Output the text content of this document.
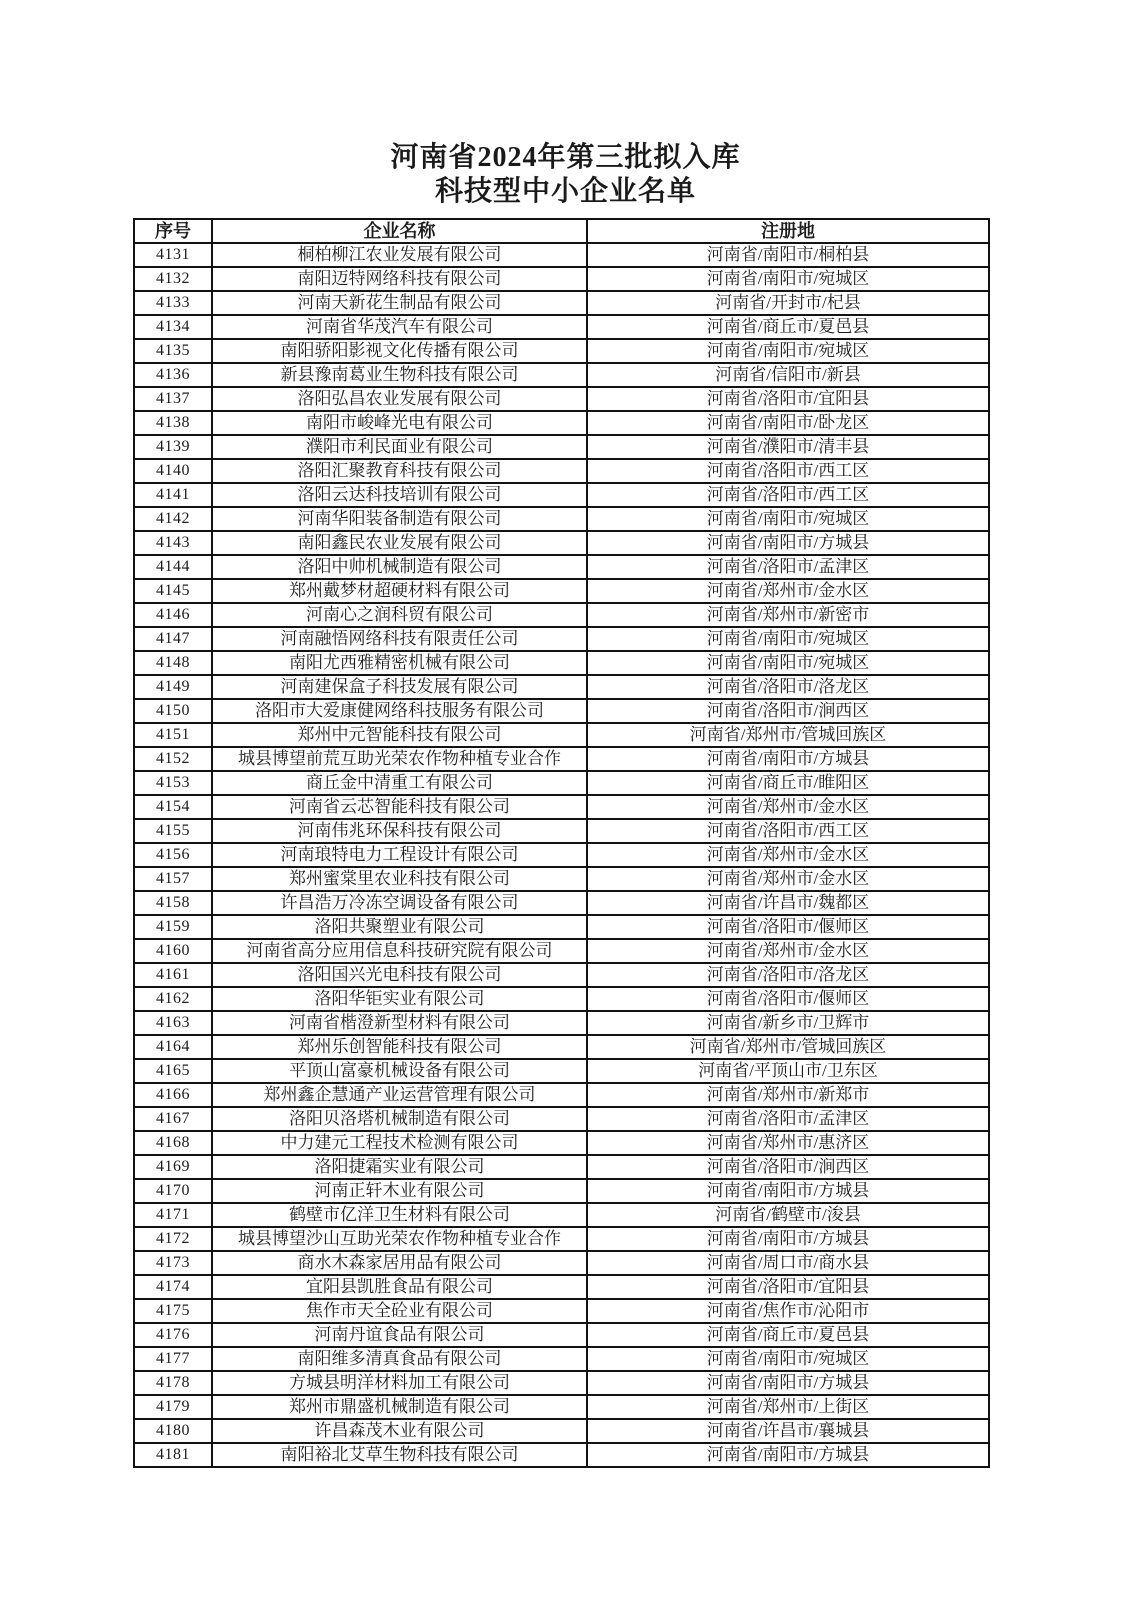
河南省2024年第三批拟入库
科技型中小企业名单
序号	企业名称	注册地
4131	桐柏柳江农业发展有限公司	河南省/南阳市/桐柏县
4132	南阳迈特网络科技有限公司	河南省/南阳市/宛城区
4133	河南天新花生制品有限公司	河南省/开封市/杞县
4134	河南省华茂汽车有限公司	河南省/商丘市/夏邑县
4135	南阳骄阳影视文化传播有限公司	河南省/南阳市/宛城区
4136	新县豫南葛业生物科技有限公司	河南省/信阳市/新县
4137	洛阳弘昌农业发展有限公司	河南省/洛阳市/宜阳县
4138	南阳市峻峰光电有限公司	河南省/南阳市/卧龙区
4139	濮阳市利民面业有限公司	河南省/濮阳市/清丰县
4140	洛阳汇聚教育科技有限公司	河南省/洛阳市/西工区
4141	洛阳云达科技培训有限公司	河南省/洛阳市/西工区
4142	河南华阳装备制造有限公司	河南省/南阳市/宛城区
4143	南阳鑫民农业发展有限公司	河南省/南阳市/方城县
4144	洛阳中帅机械制造有限公司	河南省/洛阳市/孟津区
4145	郑州戴梦材超硬材料有限公司	河南省/郑州市/金水区
4146	河南心之润科贸有限公司	河南省/郑州市/新密市
4147	河南融悟网络科技有限责任公司	河南省/南阳市/宛城区
4148	南阳尤西雅精密机械有限公司	河南省/南阳市/宛城区
4149	河南建保盒子科技发展有限公司	河南省/洛阳市/洛龙区
4150	洛阳市大爱康健网络科技服务有限公司	河南省/洛阳市/涧西区
4151	郑州中元智能科技有限公司	河南省/郑州市/管城回族区
4152	城县博望前荒互助光荣农作物种植专业合作	河南省/南阳市/方城县
4153	商丘金中清重工有限公司	河南省/商丘市/睢阳区
4154	河南省云芯智能科技有限公司	河南省/郑州市/金水区
4155	河南伟兆环保科技有限公司	河南省/洛阳市/西工区
4156	河南琅特电力工程设计有限公司	河南省/郑州市/金水区
4157	郑州蜜棠里农业科技有限公司	河南省/郑州市/金水区
4158	许昌浩万冷冻空调设备有限公司	河南省/许昌市/魏都区
4159	洛阳共聚塑业有限公司	河南省/洛阳市/偃师区
4160	河南省高分应用信息科技研究院有限公司	河南省/郑州市/金水区
4161	洛阳国兴光电科技有限公司	河南省/洛阳市/洛龙区
4162	洛阳华钜实业有限公司	河南省/洛阳市/偃师区
4163	河南省楷澄新型材料有限公司	河南省/新乡市/卫辉市
4164	郑州乐创智能科技有限公司	河南省/郑州市/管城回族区
4165	平顶山富豪机械设备有限公司	河南省/平顶山市/卫东区
4166	郑州鑫企慧通产业运营管理有限公司	河南省/郑州市/新郑市
4167	洛阳贝洛塔机械制造有限公司	河南省/洛阳市/孟津区
4168	中力建元工程技术检测有限公司	河南省/郑州市/惠济区
4169	洛阳捷霜实业有限公司	河南省/洛阳市/涧西区
4170	河南正轩木业有限公司	河南省/南阳市/方城县
4171	鹤壁市亿洋卫生材料有限公司	河南省/鹤壁市/浚县
4172	城县博望沙山互助光荣农作物种植专业合作	河南省/南阳市/方城县
4173	商水木森家居用品有限公司	河南省/周口市/商水县
4174	宜阳县凯胜食品有限公司	河南省/洛阳市/宜阳县
4175	焦作市天全砼业有限公司	河南省/焦作市/沁阳市
4176	河南丹谊食品有限公司	河南省/商丘市/夏邑县
4177	南阳维多清真食品有限公司	河南省/南阳市/宛城区
4178	方城县明洋材料加工有限公司	河南省/南阳市/方城县
4179	郑州市鼎盛机械制造有限公司	河南省/郑州市/上街区
4180	许昌森茂木业有限公司	河南省/许昌市/襄城县
4181	南阳裕北艾草生物科技有限公司	河南省/南阳市/方城县
